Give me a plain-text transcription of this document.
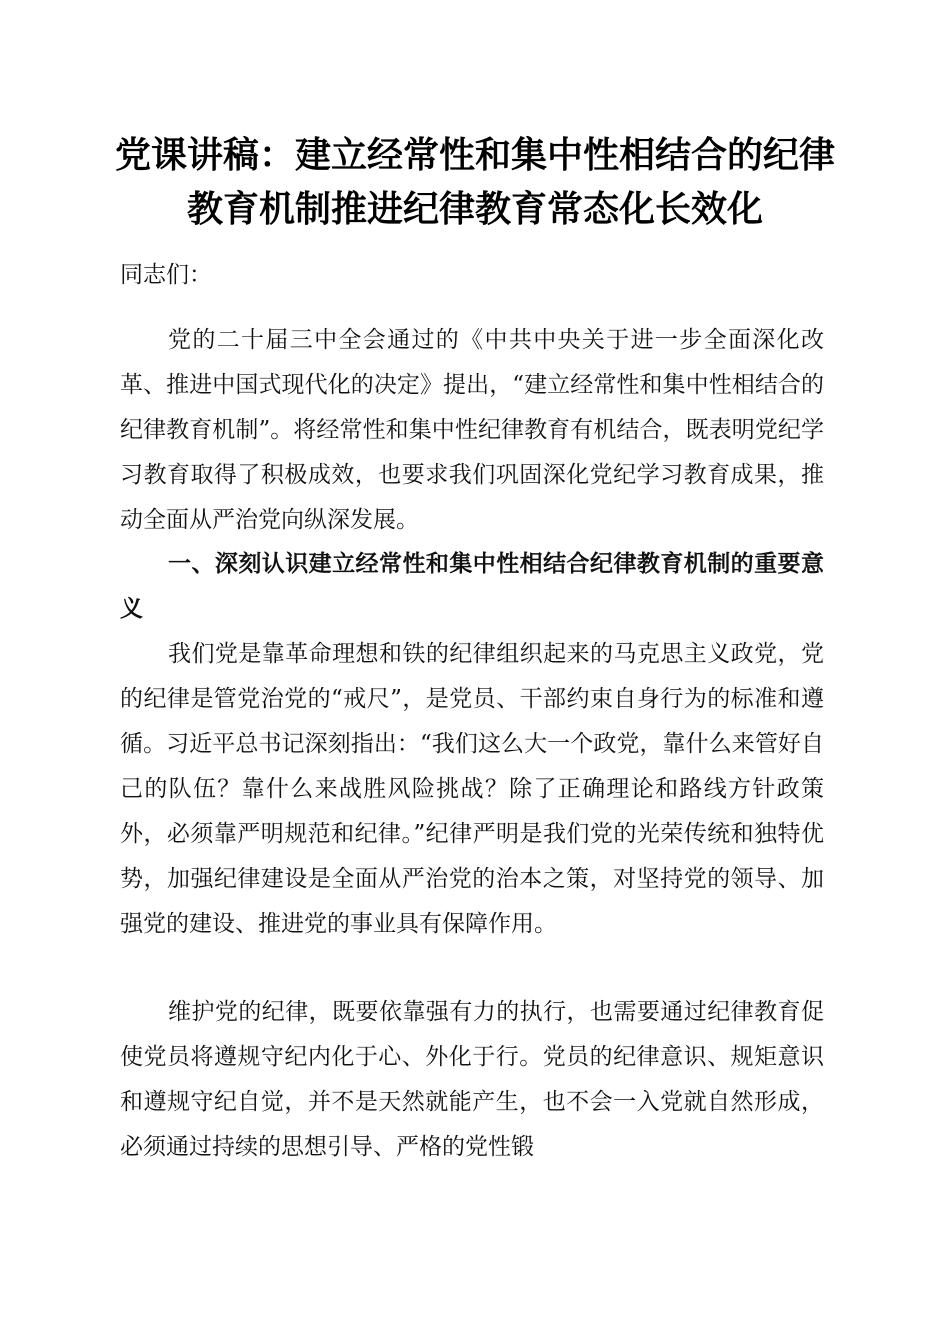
党课讲稿：建立经常性和集中性相结合的纪律
教育机制推进纪律教育常态化长效化
同志们：
党的二十届三中全会通过的《中共中央关于进一步全面深化改革、推进中国式现代化的决定》提出，“建立经常性和集中性相结合的纪律教育机制”。将经常性和集中性纪律教育有机结合，既表明党纪学习教育取得了积极成效，也要求我们巩固深化党纪学习教育成果，推动全面从严治党向纵深发展。
一、深刻认识建立经常性和集中性相结合纪律教育机制的重要意义
我们党是靠革命理想和铁的纪律组织起来的马克思主义政党，党的纪律是管党治党的“戒尺”，是党员、干部约束自身行为的标准和遵循。习近平总书记深刻指出：“我们这么大一个政党，靠什么来管好自己的队伍？靠什么来战胜风险挑战？除了正确理论和路线方针政策外，必须靠严明规范和纪律。”纪律严明是我们党的光荣传统和独特优势，加强纪律建设是全面从严治党的治本之策，对坚持党的领导、加强党的建设、推进党的事业具有保障作用。
维护党的纪律，既要依靠强有力的执行，也需要通过纪律教育促使党员将遵规守纪内化于心、外化于行。党员的纪律意识、规矩意识和遵规守纪自觉，并不是天然就能产生，也不会一入党就自然形成，必须通过持续的思想引导、严格的党性锻
